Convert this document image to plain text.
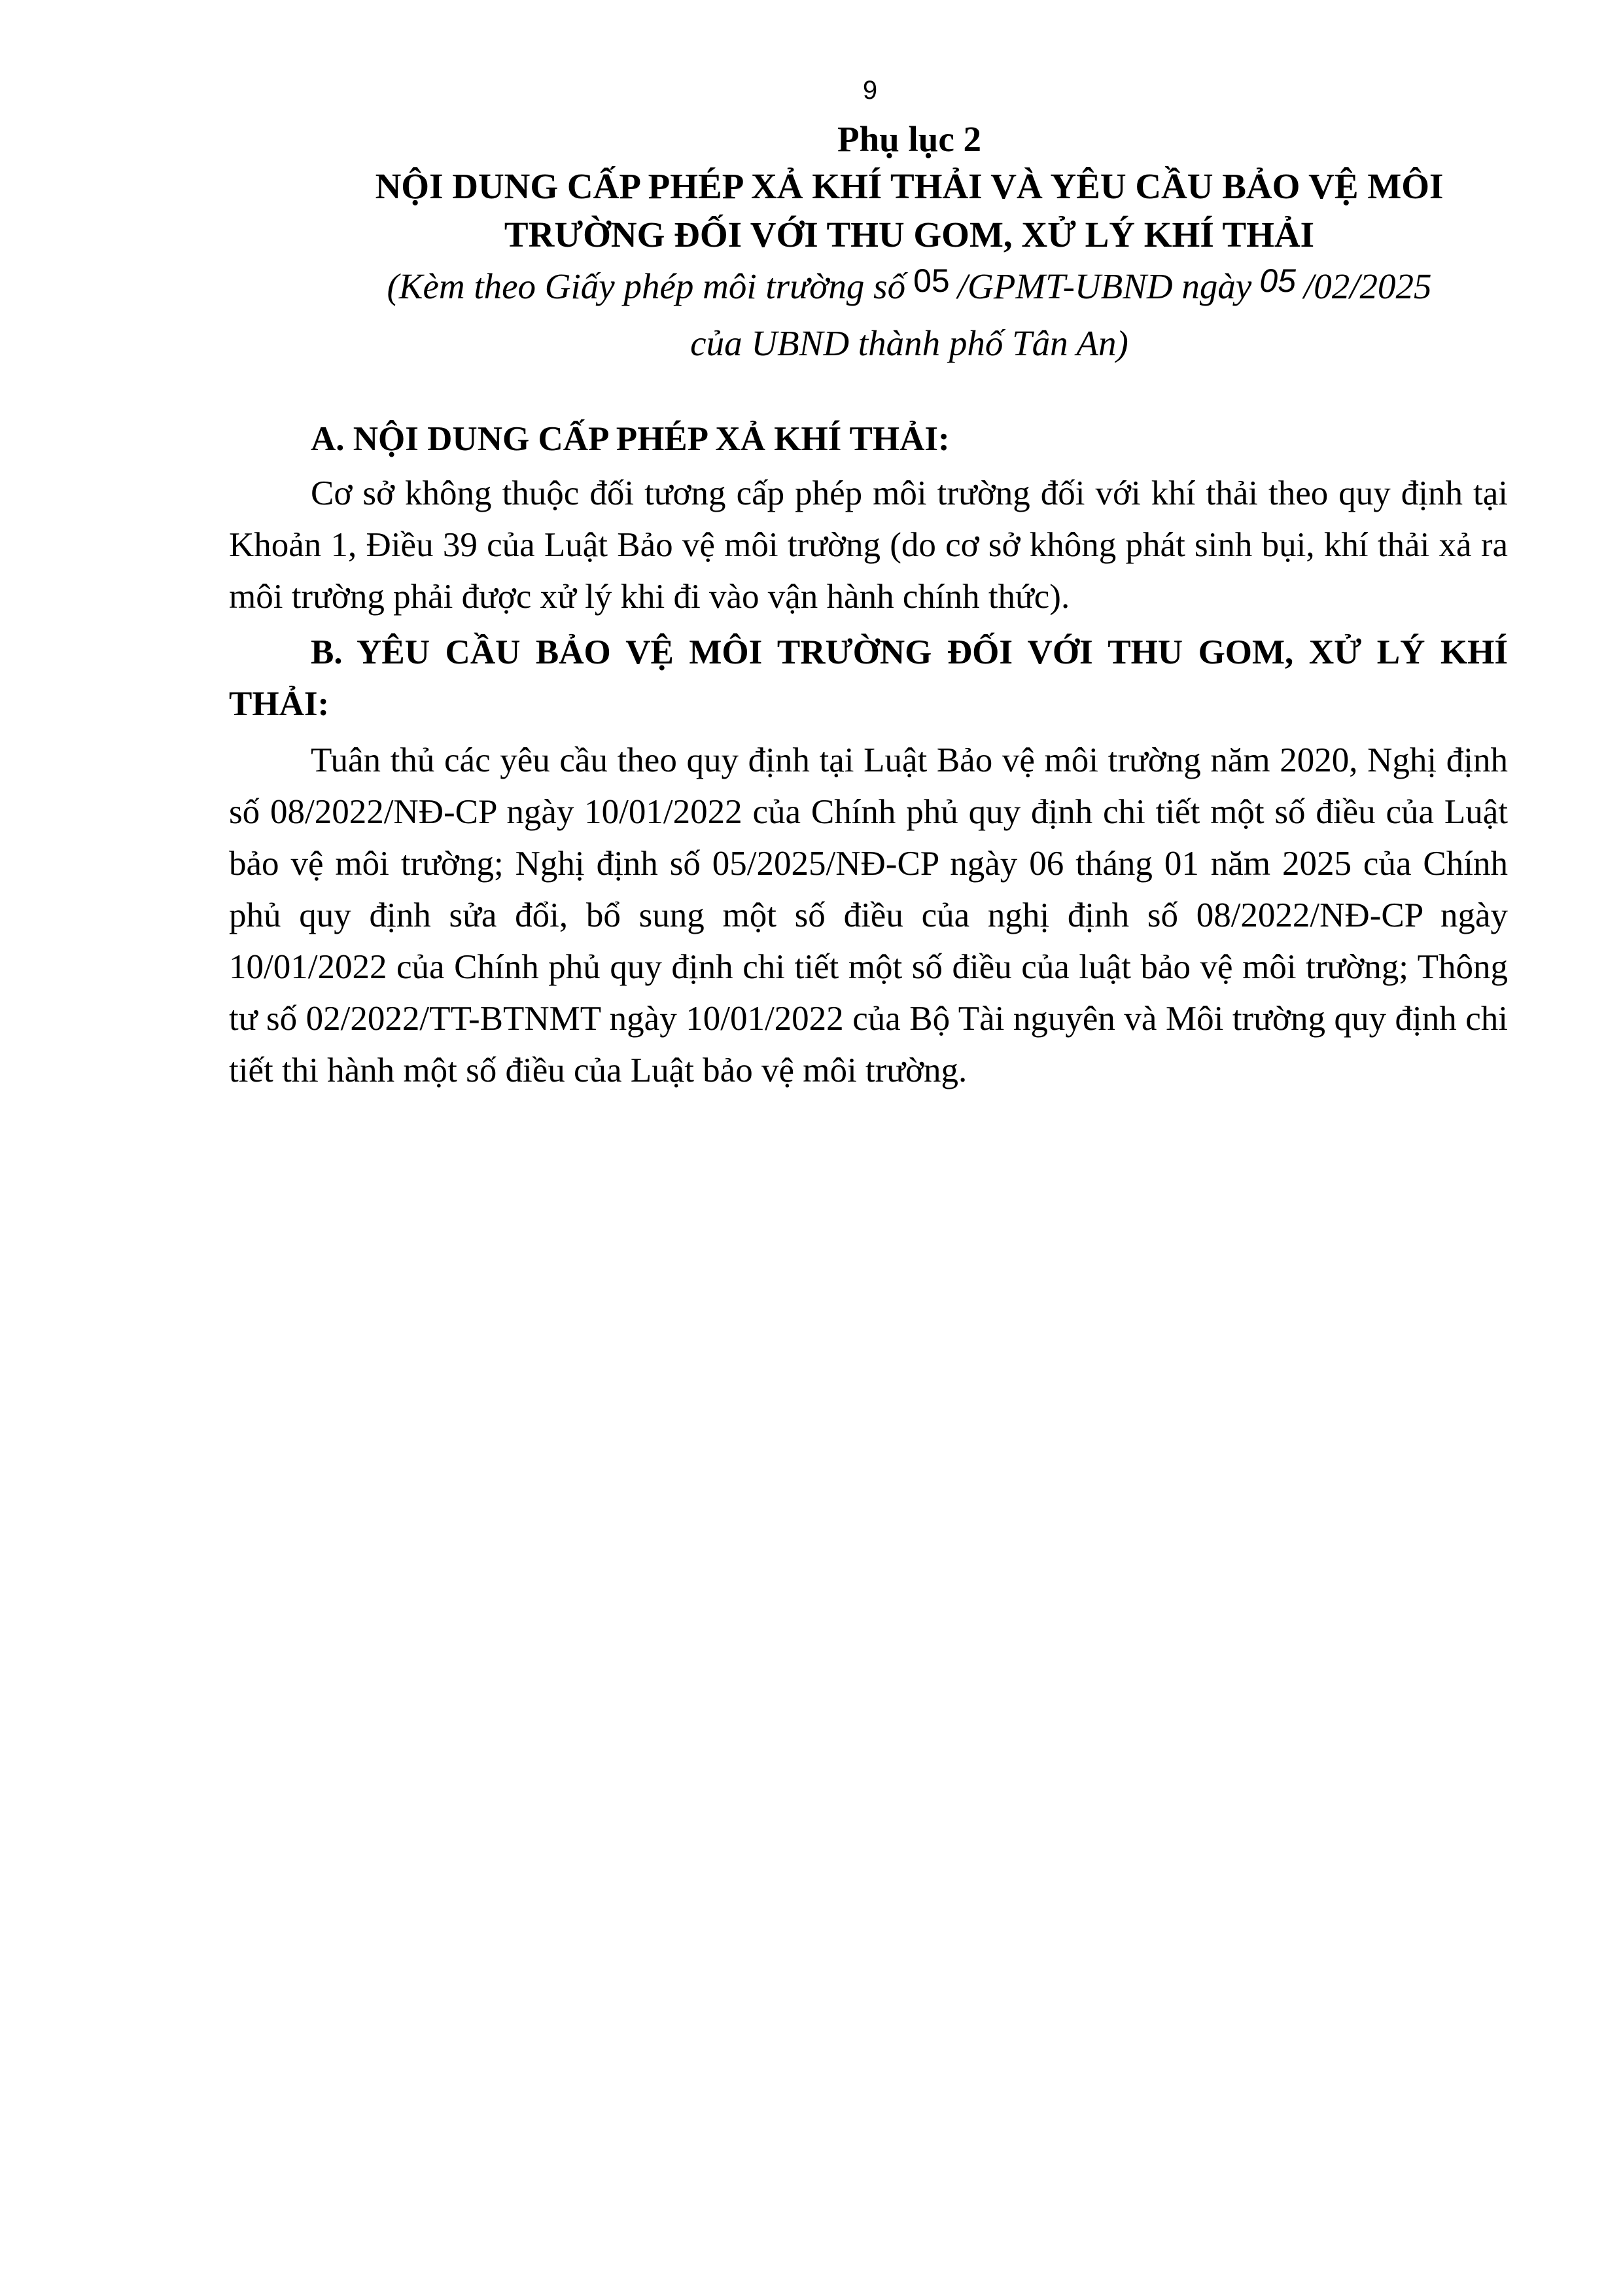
9
Phụ lục 2
NỘI DUNG CẤP PHÉP XẢ KHÍ THẢI VÀ YÊU CẦU BẢO VỆ MÔI
TRƯỜNG ĐỐI VỚI THU GOM, XỬ LÝ KHÍ THẢI
(Kèm theo Giấy phép môi trường số 05 /GPMT-UBND ngày 05 /02/2025
của UBND thành phố Tân An)
A. NỘI DUNG CẤP PHÉP XẢ KHÍ THẢI:
Cơ sở không thuộc đối tương cấp phép môi trường đối với khí thải theo quy định tại Khoản 1, Điều 39 của Luật Bảo vệ môi trường (do cơ sở không phát sinh bụi, khí thải xả ra môi trường phải được xử lý khi đi vào vận hành chính thức).
B. YÊU CẦU BẢO VỆ MÔI TRƯỜNG ĐỐI VỚI THU GOM, XỬ LÝ KHÍ THẢI:
Tuân thủ các yêu cầu theo quy định tại Luật Bảo vệ môi trường năm 2020, Nghị định số 08/2022/NĐ-CP ngày 10/01/2022 của Chính phủ quy định chi tiết một số điều của Luật bảo vệ môi trường; Nghị định số 05/2025/NĐ-CP ngày 06 tháng 01 năm 2025 của Chính phủ quy định sửa đổi, bổ sung một số điều của nghị định số 08/2022/NĐ-CP ngày 10/01/2022 của Chính phủ quy định chi tiết một số điều của luật bảo vệ môi trường; Thông tư số 02/2022/TT-BTNMT ngày 10/01/2022 của Bộ Tài nguyên và Môi trường quy định chi tiết thi hành một số điều của Luật bảo vệ môi trường.
